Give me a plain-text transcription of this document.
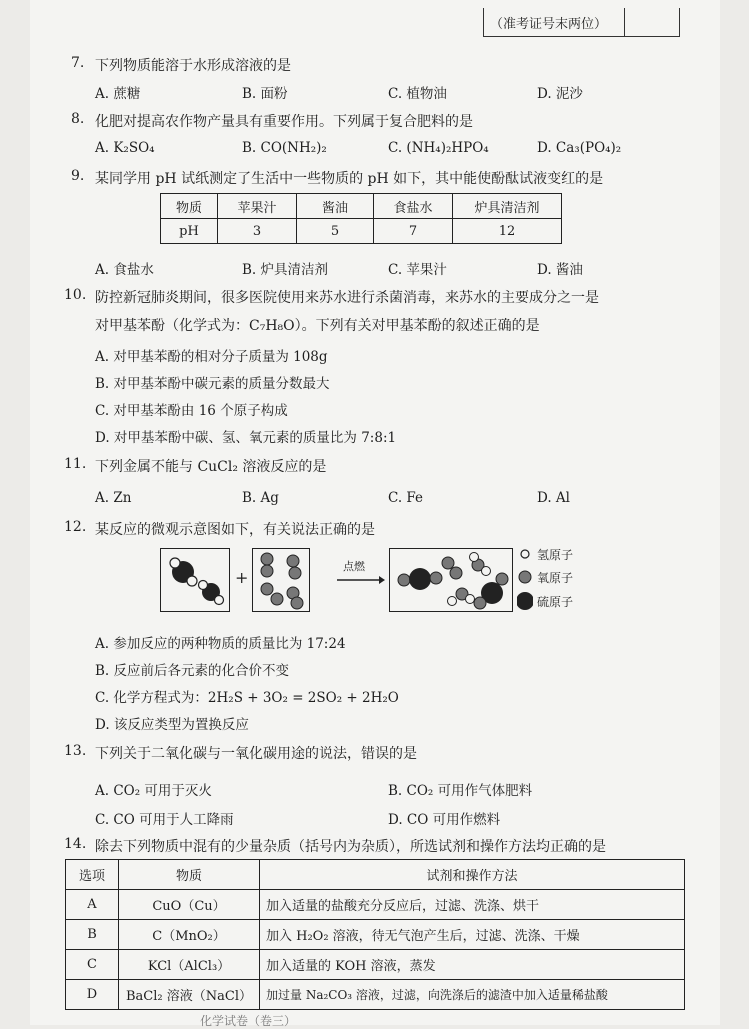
（准考证号末两位）
7. 下列物质能溶于水形成溶液的是
A. 蔗糖	B. 面粉	C. 植物油	D. 泥沙
8. 化肥对提高农作物产量具有重要作用。下列属于复合肥料的是
A. K₂SO₄	B. CO(NH₂)₂	C. (NH₄)₂HPO₄	D. Ca₃(PO₄)₂
9. 某同学用 pH 试纸测定了生活中一些物质的 pH 如下，其中能使酚酞试液变红的是
物质	苹果汁	酱油	食盐水	炉具清洁剂
pH	3	5	7	12
A. 食盐水	B. 炉具清洁剂	C. 苹果汁	D. 酱油
10. 防控新冠肺炎期间，很多医院使用来苏水进行杀菌消毒，来苏水的主要成分之一是
对甲基苯酚（化学式为：C₇H₈O）。下列有关对甲基苯酚的叙述正确的是
A. 对甲基苯酚的相对分子质量为 108g
B. 对甲基苯酚中碳元素的质量分数最大
C. 对甲基苯酚由 16 个原子构成
D. 对甲基苯酚中碳、氢、氧元素的质量比为 7:8:1
11. 下列金属不能与 CuCl₂ 溶液反应的是
A. Zn	B. Ag	C. Fe	D. Al
12. 某反应的微观示意图如下，有关说法正确的是
+
点燃
氢原子
氧原子
硫原子
A. 参加反应的两种物质的质量比为 17:24
B. 反应前后各元素的化合价不变
C. 化学方程式为：2H₂S + 3O₂ = 2SO₂ + 2H₂O
D. 该反应类型为置换反应
13. 下列关于二氧化碳与一氧化碳用途的说法，错误的是
A. CO₂ 可用于灭火	B. CO₂ 可用作气体肥料
C. CO 可用于人工降雨	D. CO 可用作燃料
14. 除去下列物质中混有的少量杂质（括号内为杂质），所选试剂和操作方法均正确的是
选项	物质	试剂和操作方法
A	CuO（Cu）	加入适量的盐酸充分反应后，过滤、洗涤、烘干
B	C（MnO₂）	加入 H₂O₂ 溶液，待无气泡产生后，过滤、洗涤、干燥
C	KCl（AlCl₃）	加入适量的 KOH 溶液，蒸发
D	BaCl₂ 溶液（NaCl）	加过量 Na₂CO₃ 溶液，过滤，向洗涤后的滤渣中加入适量稀盐酸
化学试卷（卷三）
